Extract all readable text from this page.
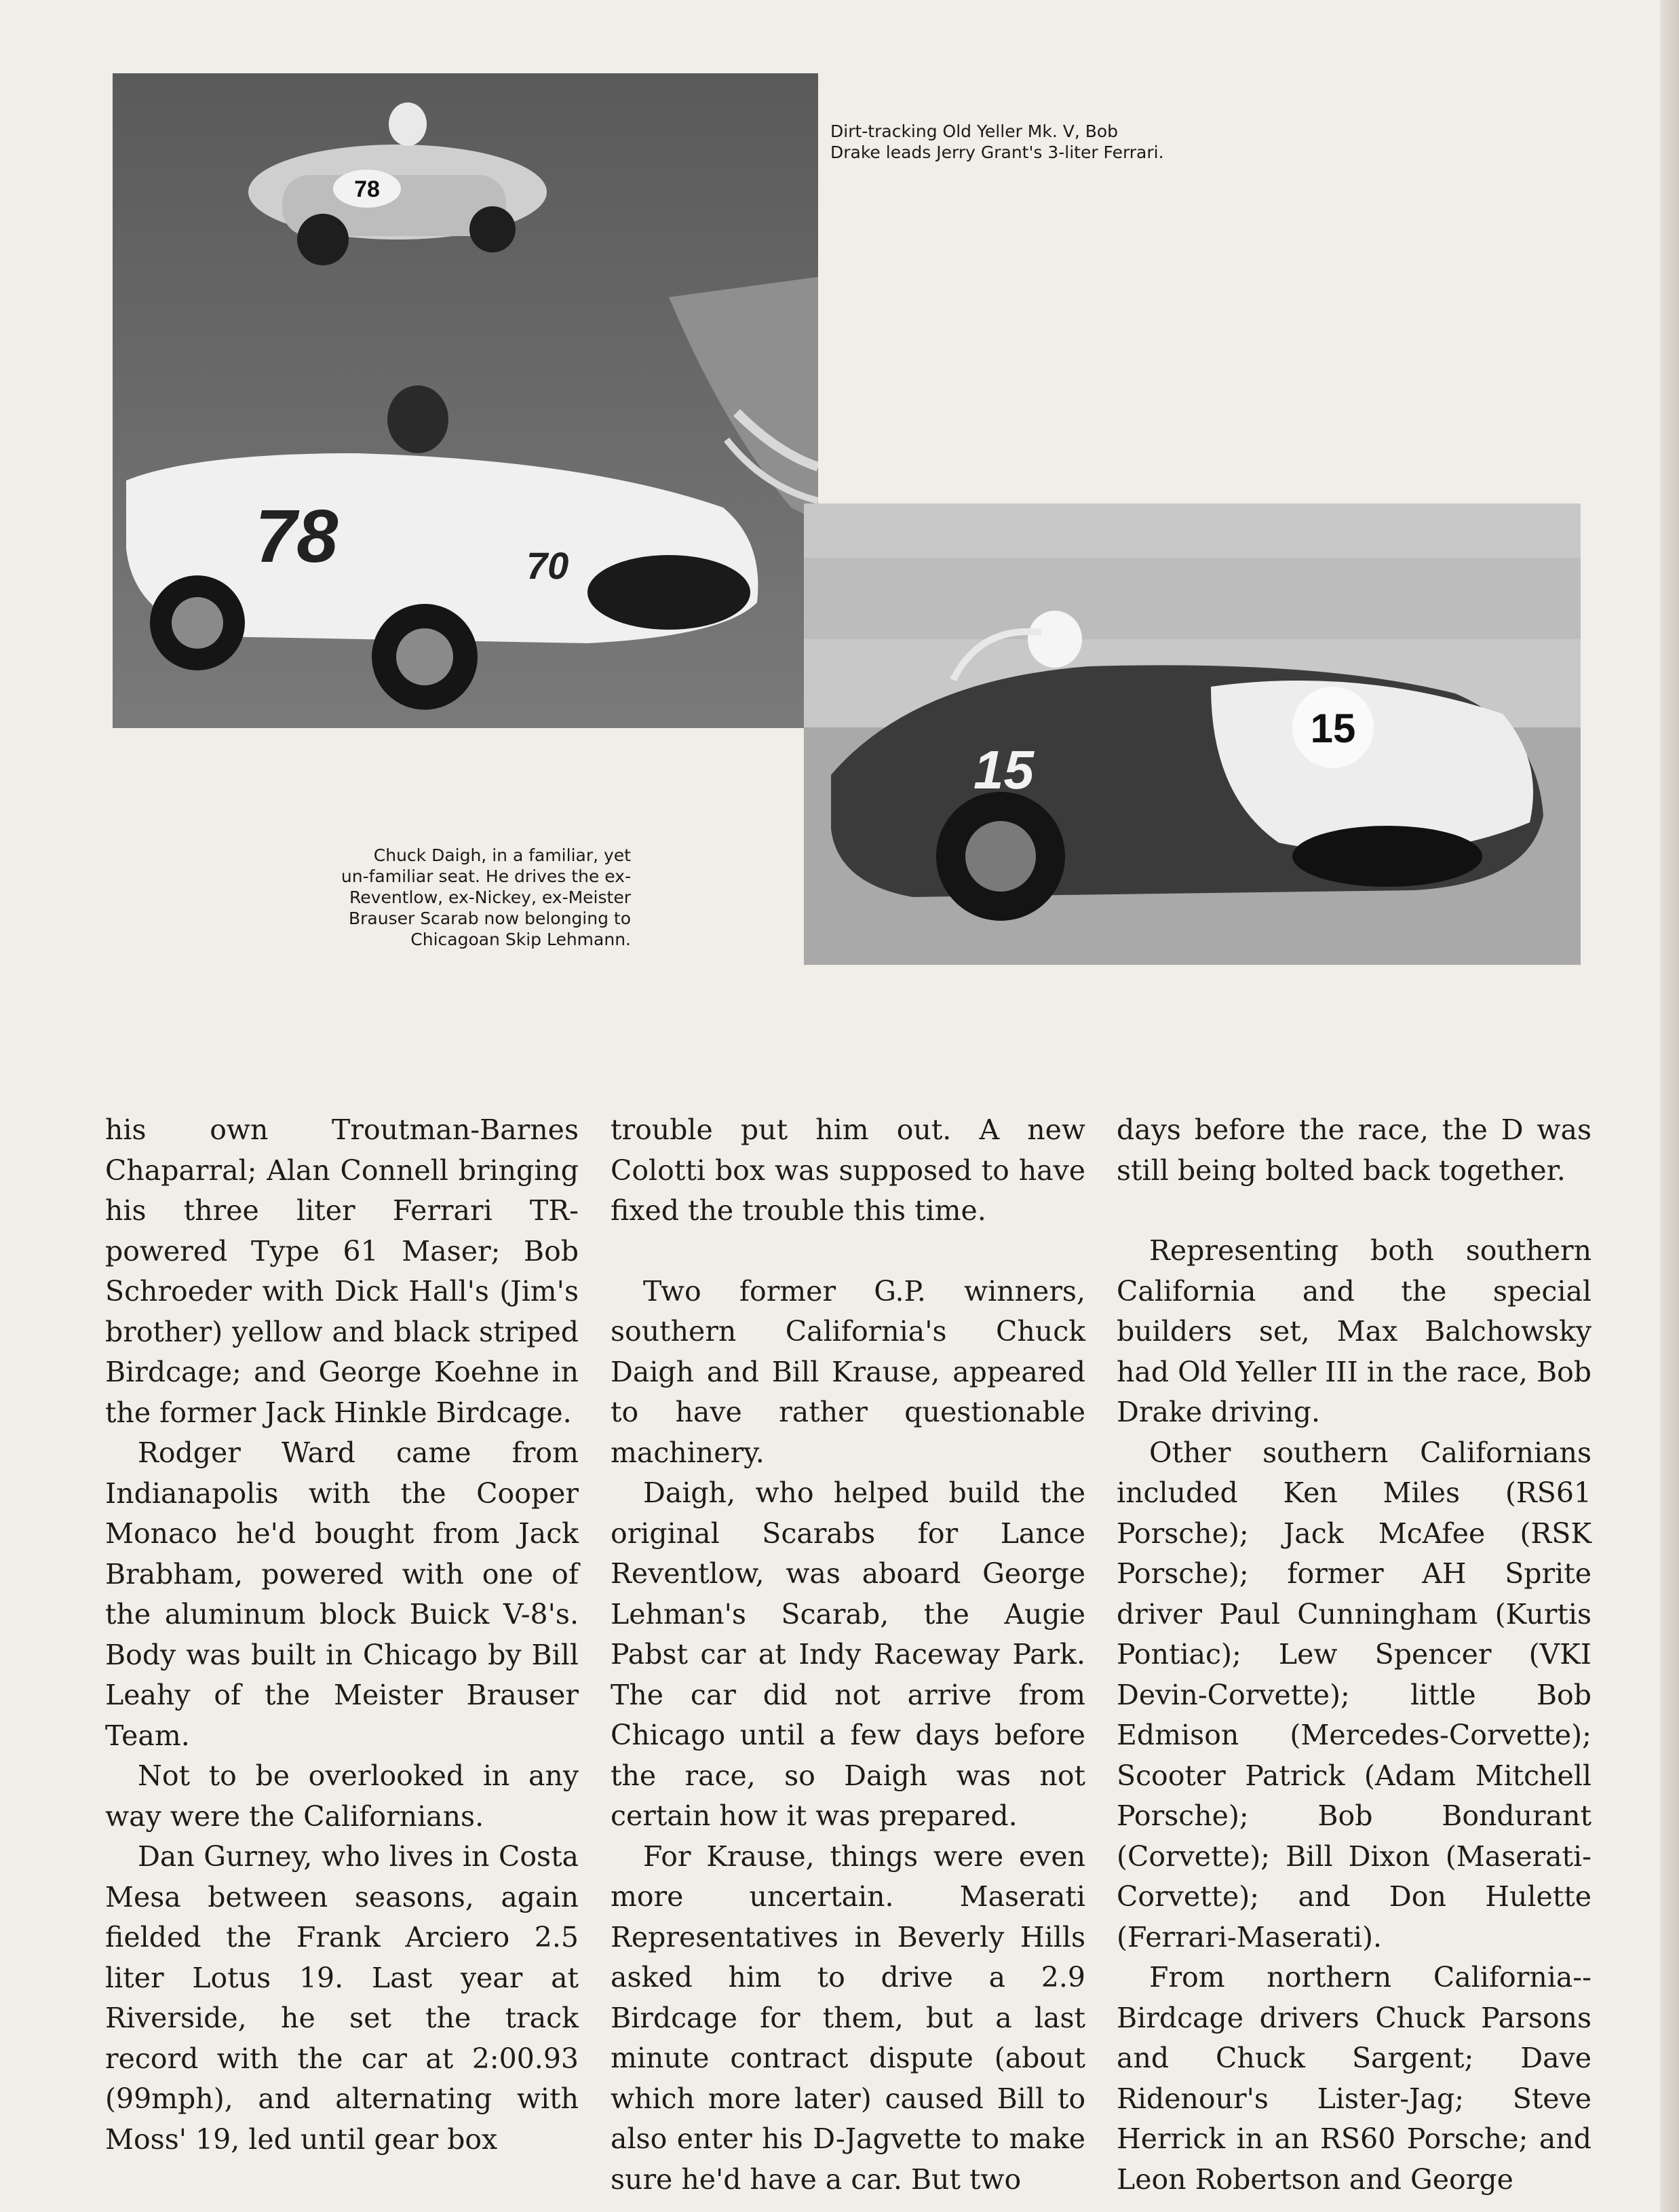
78
78	70
15
15

Dirt-tracking Old Yeller Mk. V, Bob

Drake leads Jerry Grant's 3-liter Ferrari.

Chuck Daigh, in a familiar, yet

un-familiar seat. He drives the ex-

Reventlow, ex-Nickey, ex-Meister

Brauser Scarab now belonging to

Chicagoan Skip Lehmann.

his own Troutman-Barnes Chaparral; Alan Connell bringing his three liter Ferrari TR-powered Type 61 Maser; Bob Schroeder with Dick Hall's (Jim's brother) yellow and black striped Birdcage; and George Koehne in the former Jack Hinkle Birdcage.

Rodger Ward came from Indianapolis with the Cooper Monaco he'd bought from Jack Brabham, powered with one of the aluminum block Buick V-8's. Body was built in Chicago by Bill Leahy of the Meister Brauser Team.

Not to be overlooked in any way were the Californians.

Dan Gurney, who lives in Costa Mesa between seasons, again fielded the Frank Arciero 2.5 liter Lotus 19. Last year at Riverside, he set the track record with the car at 2:00.93 (99mph), and alternating with Moss' 19, led until gear box

trouble put him out. A new Colotti box was supposed to have fixed the trouble this time.

Two former G.P. winners, southern California's Chuck Daigh and Bill Krause, appeared to have rather questionable machinery.

Daigh, who helped build the original Scarabs for Lance Reventlow, was aboard George Lehman's Scarab, the Augie Pabst car at Indy Raceway Park. The car did not arrive from Chicago until a few days before the race, so Daigh was not certain how it was prepared.

For Krause, things were even more uncertain. Maserati Representatives in Beverly Hills asked him to drive a 2.9 Birdcage for them, but a last minute contract dispute (about which more later) caused Bill to also enter his D-Jagvette to make sure he'd have a car. But two

days before the race, the D was still being bolted back together.

Representing both southern California and the special builders set, Max Balchowsky had Old Yeller III in the race, Bob Drake driving.

Other southern Californians included Ken Miles (RS61 Porsche); Jack McAfee (RSK Porsche); former AH Sprite driver Paul Cunningham (Kurtis Pontiac); Lew Spencer (VKI Devin-Corvette); little Bob Edmison (Mercedes-Corvette); Scooter Patrick (Adam Mitchell Porsche); Bob Bondurant (Corvette); Bill Dixon (Maserati-Corvette); and Don Hulette (Ferrari-Maserati).

From northern California-- Birdcage drivers Chuck Parsons and Chuck Sargent; Dave Ridenour's Lister-Jag; Steve Herrick in an RS60 Porsche; and Leon Robertson and George
